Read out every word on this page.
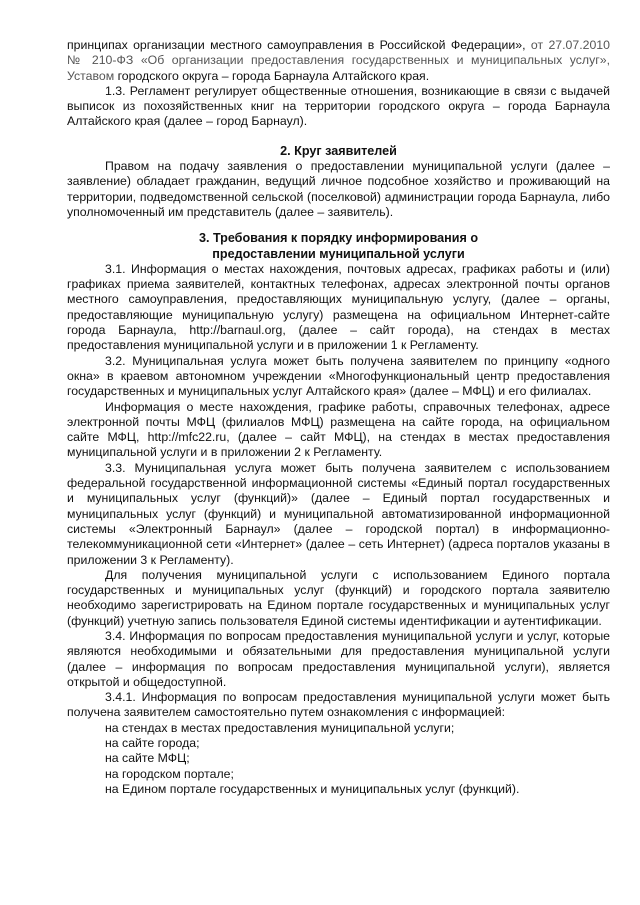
принципах организации местного самоуправления в Российской Федерации», от 27.07.2010 № 210-ФЗ «Об организации предоставления государственных и муниципальных услуг», Уставом городского округа – города Барнаула Алтайского края.

1.3. Регламент регулирует общественные отношения, возникающие в связи с выдачей выписок из похозяйственных книг на территории городского округа – города Барнаула Алтайского края (далее – город Барнаул).

2. Круг заявителей

Правом на подачу заявления о предоставлении муниципальной услуги (далее – заявление) обладает гражданин, ведущий личное подсобное хозяйство и проживающий на территории, подведомственной сельской (поселковой) администрации города Барнаула, либо уполномоченный им представитель (далее – заявитель).

3. Требования к порядку информирования о предоставлении муниципальной услуги

3.1. Информация о местах нахождения, почтовых адресах, графиках работы и (или) графиках приема заявителей, контактных телефонах, адресах электронной почты органов местного самоуправления, предоставляющих муниципальную услугу, (далее – органы, предоставляющие муниципальную услугу) размещена на официальном Интернет-сайте города Барнаула, http://barnaul.org, (далее – сайт города), на стендах в местах предоставления муниципальной услуги и в приложении 1 к Регламенту.

3.2. Муниципальная услуга может быть получена заявителем по принципу «одного окна» в краевом автономном учреждении «Многофункциональный центр предоставления государственных и муниципальных услуг Алтайского края» (далее – МФЦ) и его филиалах.

Информация о месте нахождения, графике работы, справочных телефонах, адресе электронной почты МФЦ (филиалов МФЦ) размещена на сайте города, на официальном сайте МФЦ, http://mfc22.ru, (далее – сайт МФЦ), на стендах в местах предоставления муниципальной услуги и в приложении 2 к Регламенту.

3.3. Муниципальная услуга может быть получена заявителем с использованием федеральной государственной информационной системы «Единый портал государственных и муниципальных услуг (функций)» (далее – Единый портал государственных и муниципальных услуг (функций) и муниципальной автоматизированной информационной системы «Электронный Барнаул» (далее – городской портал) в информационно-телекоммуникационной сети «Интернет» (далее – сеть Интернет) (адреса порталов указаны в приложении 3 к Регламенту).

Для получения муниципальной услуги с использованием Единого портала государственных и муниципальных услуг (функций) и городского портала заявителю необходимо зарегистрировать на Едином портале государственных и муниципальных услуг (функций) учетную запись пользователя Единой системы идентификации и аутентификации.

3.4. Информация по вопросам предоставления муниципальной услуги и услуг, которые являются необходимыми и обязательными для предоставления муниципальной услуги (далее – информация по вопросам предоставления муниципальной услуги), является открытой и общедоступной.

3.4.1. Информация по вопросам предоставления муниципальной услуги может быть получена заявителем самостоятельно путем ознакомления с информацией:

на стендах в местах предоставления муниципальной услуги;

на сайте города;

на сайте МФЦ;

на городском портале;

на Едином портале государственных и муниципальных услуг (функций).
